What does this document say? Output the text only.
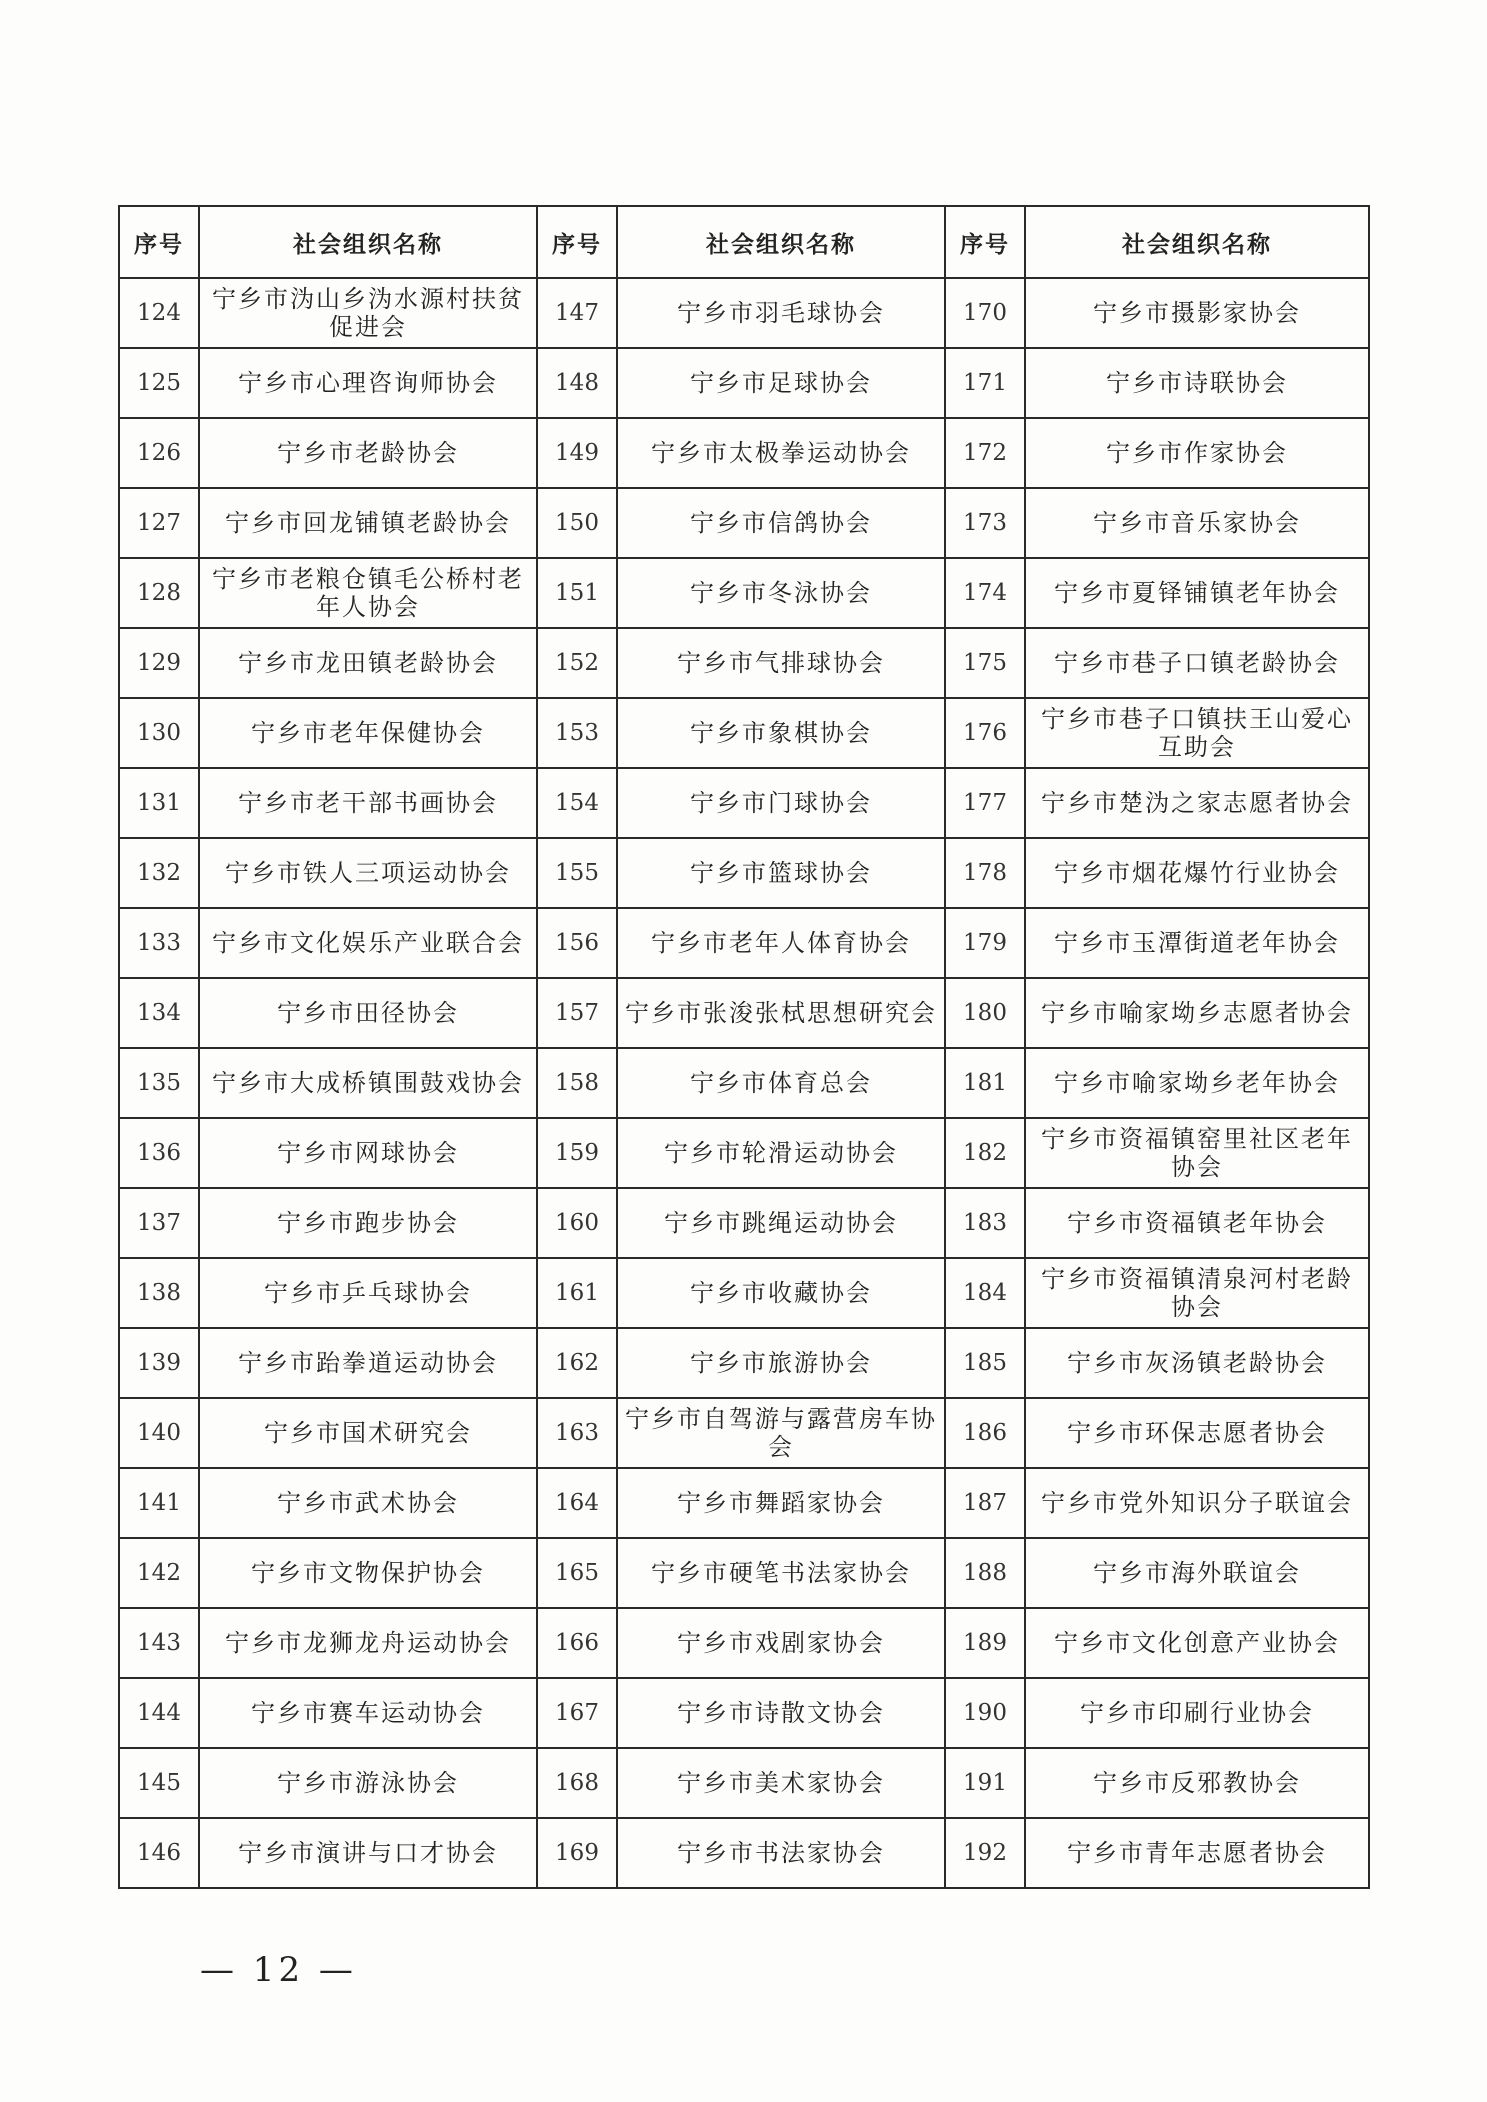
序号	社会组织名称	序号	社会组织名称	序号	社会组织名称
124	宁乡市沩山乡沩水源村扶贫促进会	147	宁乡市羽毛球协会	170	宁乡市摄影家协会
125	宁乡市心理咨询师协会	148	宁乡市足球协会	171	宁乡市诗联协会
126	宁乡市老龄协会	149	宁乡市太极拳运动协会	172	宁乡市作家协会
127	宁乡市回龙铺镇老龄协会	150	宁乡市信鸽协会	173	宁乡市音乐家协会
128	宁乡市老粮仓镇毛公桥村老年人协会	151	宁乡市冬泳协会	174	宁乡市夏铎铺镇老年协会
129	宁乡市龙田镇老龄协会	152	宁乡市气排球协会	175	宁乡市巷子口镇老龄协会
130	宁乡市老年保健协会	153	宁乡市象棋协会	176	宁乡市巷子口镇扶王山爱心互助会
131	宁乡市老干部书画协会	154	宁乡市门球协会	177	宁乡市楚沩之家志愿者协会
132	宁乡市铁人三项运动协会	155	宁乡市篮球协会	178	宁乡市烟花爆竹行业协会
133	宁乡市文化娱乐产业联合会	156	宁乡市老年人体育协会	179	宁乡市玉潭街道老年协会
134	宁乡市田径协会	157	宁乡市张浚张栻思想研究会	180	宁乡市喻家坳乡志愿者协会
135	宁乡市大成桥镇围鼓戏协会	158	宁乡市体育总会	181	宁乡市喻家坳乡老年协会
136	宁乡市网球协会	159	宁乡市轮滑运动协会	182	宁乡市资福镇窑里社区老年协会
137	宁乡市跑步协会	160	宁乡市跳绳运动协会	183	宁乡市资福镇老年协会
138	宁乡市乒乓球协会	161	宁乡市收藏协会	184	宁乡市资福镇清泉河村老龄协会
139	宁乡市跆拳道运动协会	162	宁乡市旅游协会	185	宁乡市灰汤镇老龄协会
140	宁乡市国术研究会	163	宁乡市自驾游与露营房车协会	186	宁乡市环保志愿者协会
141	宁乡市武术协会	164	宁乡市舞蹈家协会	187	宁乡市党外知识分子联谊会
142	宁乡市文物保护协会	165	宁乡市硬笔书法家协会	188	宁乡市海外联谊会
143	宁乡市龙狮龙舟运动协会	166	宁乡市戏剧家协会	189	宁乡市文化创意产业协会
144	宁乡市赛车运动协会	167	宁乡市诗散文协会	190	宁乡市印刷行业协会
145	宁乡市游泳协会	168	宁乡市美术家协会	191	宁乡市反邪教协会
146	宁乡市演讲与口才协会	169	宁乡市书法家协会	192	宁乡市青年志愿者协会
— 12 —
